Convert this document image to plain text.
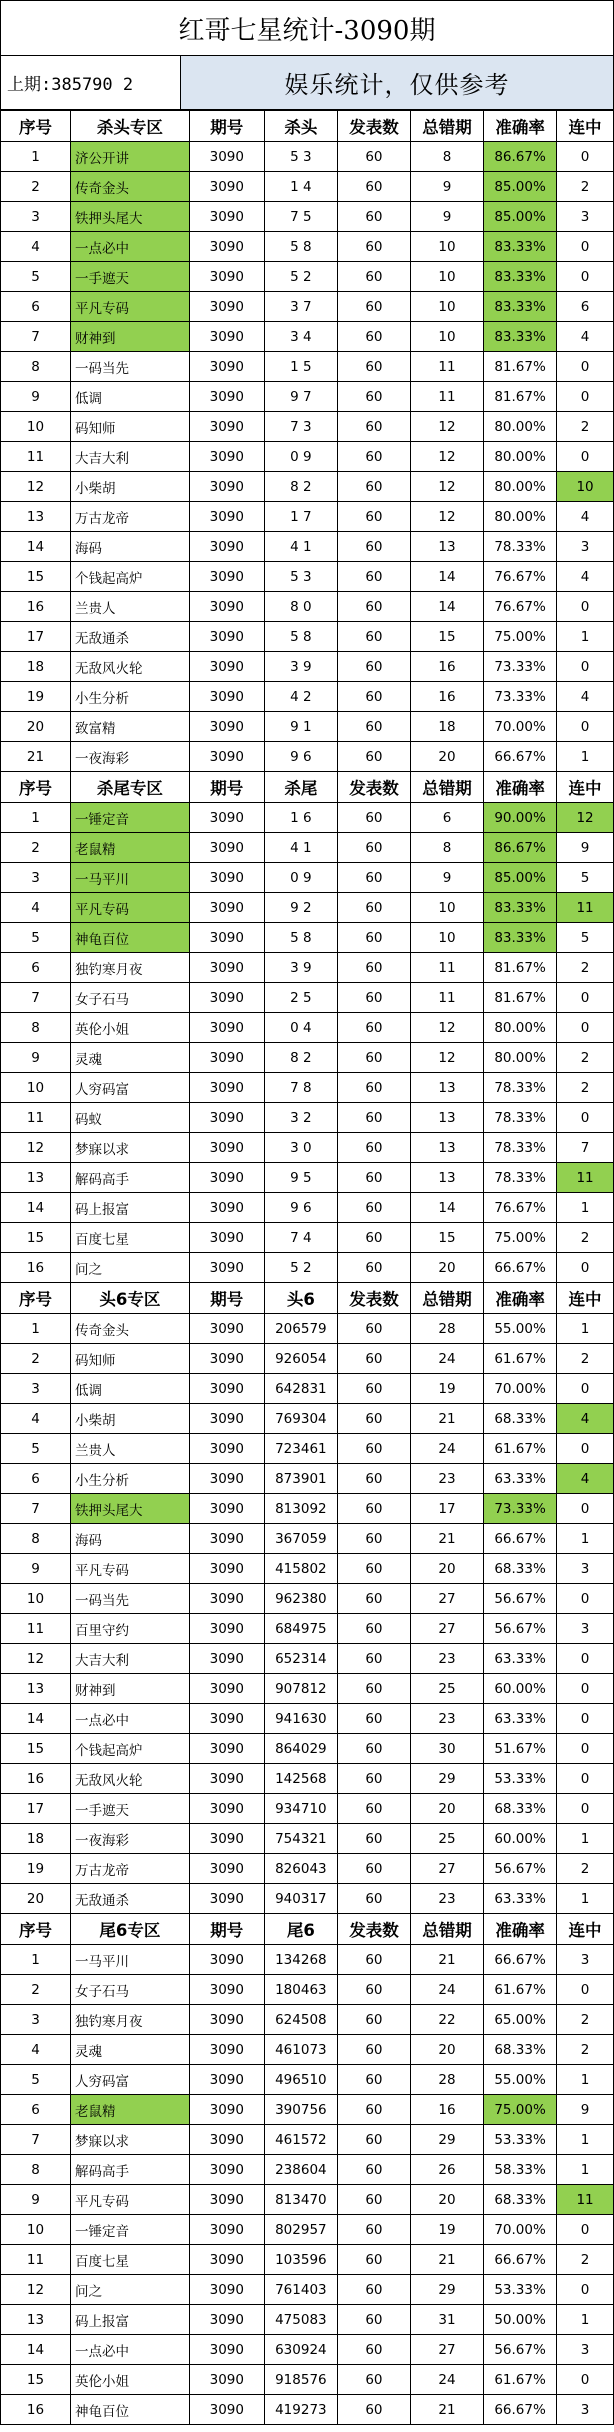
红哥七星统计-3090期
上期:385790 2	娱乐统计，仅供参考
序号	杀头专区	期号	杀头	发表数	总错期	准确率	连中
1	济公开讲	3090	5 3	60	8	86.67%	0
2	传奇金头	3090	1 4	60	9	85.00%	2
3	铁押头尾大	3090	7 5	60	9	85.00%	3
4	一点必中	3090	5 8	60	10	83.33%	0
5	一手遮天	3090	5 2	60	10	83.33%	0
6	平凡专码	3090	3 7	60	10	83.33%	6
7	财神到	3090	3 4	60	10	83.33%	4
8	一码当先	3090	1 5	60	11	81.67%	0
9	低调	3090	9 7	60	11	81.67%	0
10	码知师	3090	7 3	60	12	80.00%	2
11	大吉大利	3090	0 9	60	12	80.00%	0
12	小柴胡	3090	8 2	60	12	80.00%	10
13	万古龙帝	3090	1 7	60	12	80.00%	4
14	海码	3090	4 1	60	13	78.33%	3
15	个钱起高炉	3090	5 3	60	14	76.67%	4
16	兰贵人	3090	8 0	60	14	76.67%	0
17	无敌通杀	3090	5 8	60	15	75.00%	1
18	无敌风火轮	3090	3 9	60	16	73.33%	0
19	小生分析	3090	4 2	60	16	73.33%	4
20	致富精	3090	9 1	60	18	70.00%	0
21	一夜海彩	3090	9 6	60	20	66.67%	1
序号	杀尾专区	期号	杀尾	发表数	总错期	准确率	连中
1	一锤定音	3090	1 6	60	6	90.00%	12
2	老鼠精	3090	4 1	60	8	86.67%	9
3	一马平川	3090	0 9	60	9	85.00%	5
4	平凡专码	3090	9 2	60	10	83.33%	11
5	神龟百位	3090	5 8	60	10	83.33%	5
6	独钓寒月夜	3090	3 9	60	11	81.67%	2
7	女子石马	3090	2 5	60	11	81.67%	0
8	英伦小姐	3090	0 4	60	12	80.00%	0
9	灵魂	3090	8 2	60	12	80.00%	2
10	人穷码富	3090	7 8	60	13	78.33%	2
11	码蚁	3090	3 2	60	13	78.33%	0
12	梦寐以求	3090	3 0	60	13	78.33%	7
13	解码高手	3090	9 5	60	13	78.33%	11
14	码上报富	3090	9 6	60	14	76.67%	1
15	百度七星	3090	7 4	60	15	75.00%	2
16	问之	3090	5 2	60	20	66.67%	0
序号	头6专区	期号	头6	发表数	总错期	准确率	连中
1	传奇金头	3090	206579	60	28	55.00%	1
2	码知师	3090	926054	60	24	61.67%	2
3	低调	3090	642831	60	19	70.00%	0
4	小柴胡	3090	769304	60	21	68.33%	4
5	兰贵人	3090	723461	60	24	61.67%	0
6	小生分析	3090	873901	60	23	63.33%	4
7	铁押头尾大	3090	813092	60	17	73.33%	0
8	海码	3090	367059	60	21	66.67%	1
9	平凡专码	3090	415802	60	20	68.33%	3
10	一码当先	3090	962380	60	27	56.67%	0
11	百里守约	3090	684975	60	27	56.67%	3
12	大吉大利	3090	652314	60	23	63.33%	0
13	财神到	3090	907812	60	25	60.00%	0
14	一点必中	3090	941630	60	23	63.33%	0
15	个钱起高炉	3090	864029	60	30	51.67%	0
16	无敌风火轮	3090	142568	60	29	53.33%	0
17	一手遮天	3090	934710	60	20	68.33%	0
18	一夜海彩	3090	754321	60	25	60.00%	1
19	万古龙帝	3090	826043	60	27	56.67%	2
20	无敌通杀	3090	940317	60	23	63.33%	1
序号	尾6专区	期号	尾6	发表数	总错期	准确率	连中
1	一马平川	3090	134268	60	21	66.67%	3
2	女子石马	3090	180463	60	24	61.67%	0
3	独钓寒月夜	3090	624508	60	22	65.00%	2
4	灵魂	3090	461073	60	20	68.33%	2
5	人穷码富	3090	496510	60	28	55.00%	1
6	老鼠精	3090	390756	60	16	75.00%	9
7	梦寐以求	3090	461572	60	29	53.33%	1
8	解码高手	3090	238604	60	26	58.33%	1
9	平凡专码	3090	813470	60	20	68.33%	11
10	一锤定音	3090	802957	60	19	70.00%	0
11	百度七星	3090	103596	60	21	66.67%	2
12	问之	3090	761403	60	29	53.33%	0
13	码上报富	3090	475083	60	31	50.00%	1
14	一点必中	3090	630924	60	27	56.67%	3
15	英伦小姐	3090	918576	60	24	61.67%	0
16	神龟百位	3090	419273	60	21	66.67%	3
